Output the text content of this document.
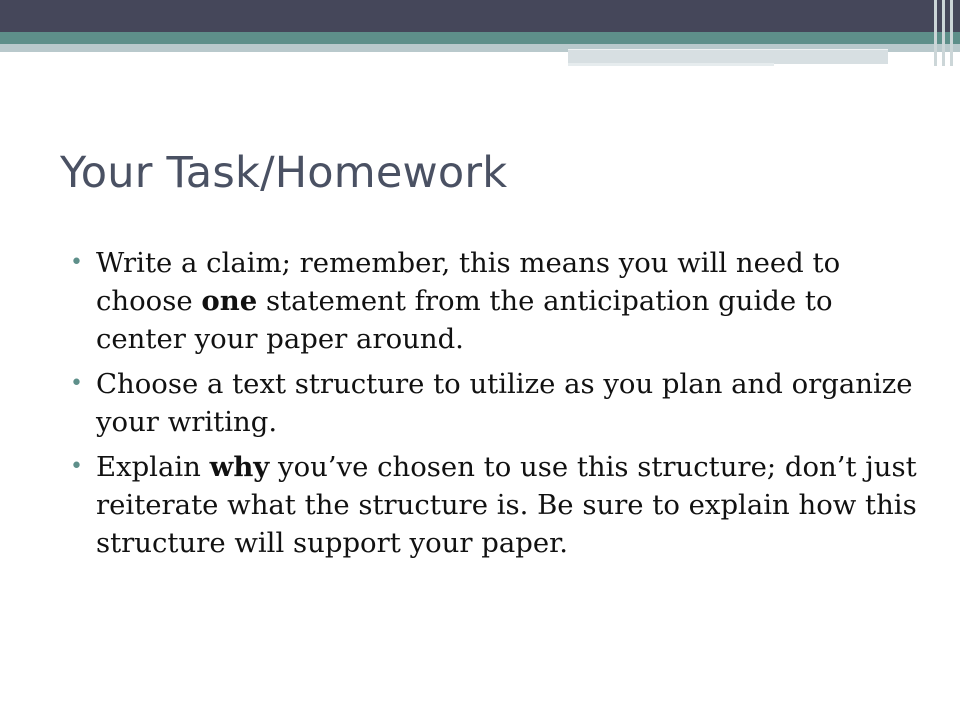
Your Task/Homework
• Write a claim; remember, this means you will need to choose one statement from the anticipation guide to center your paper around.
• Choose a text structure to utilize as you plan and organize your writing.
• Explain why you’ve chosen to use this structure; don’t just reiterate what the structure is. Be sure to explain how this structure will support your paper.
